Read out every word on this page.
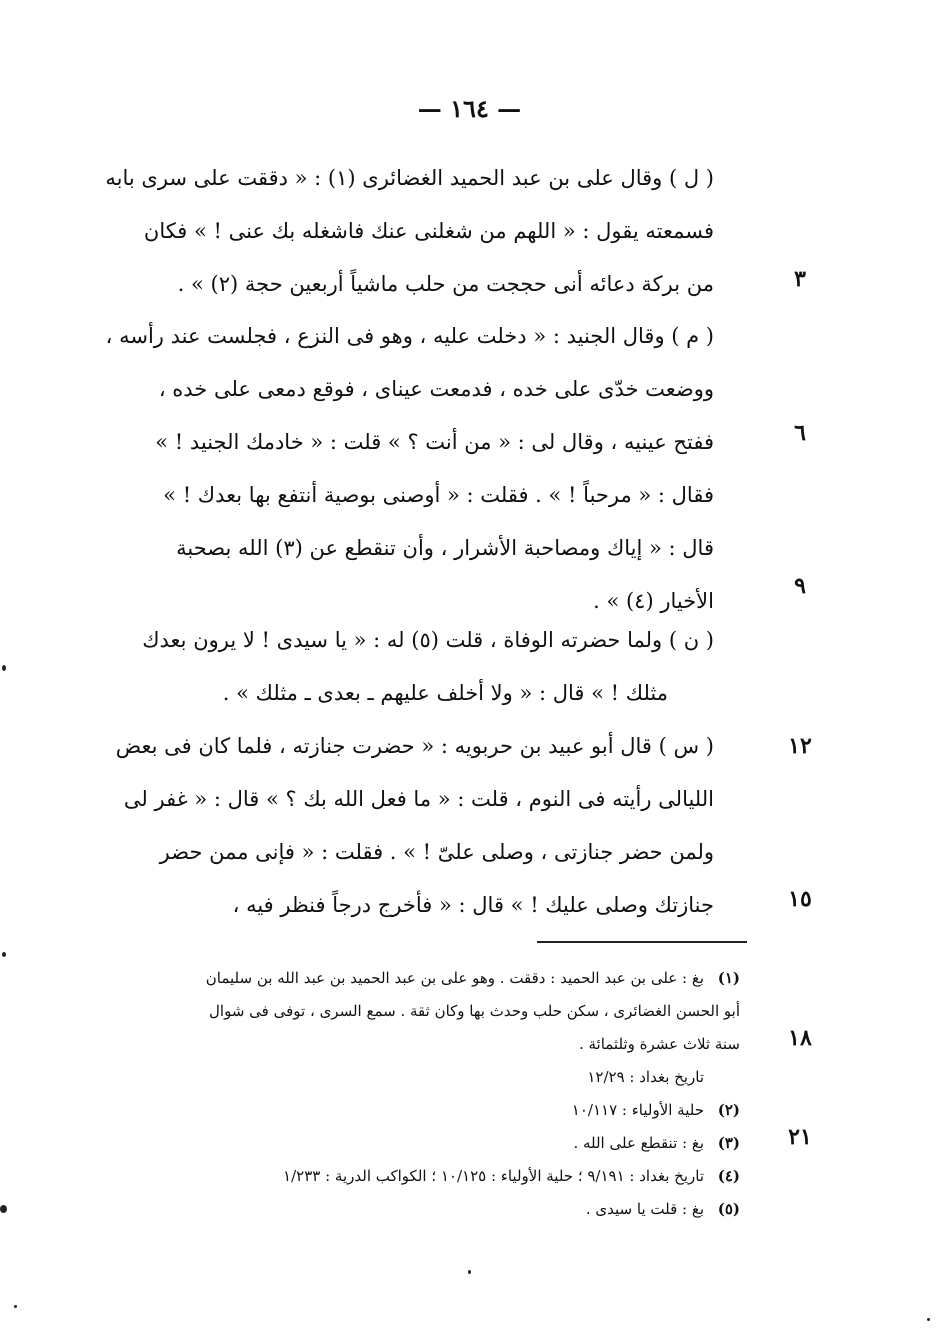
— ١٦٤ —
( ل ) وقال على بن عبد الحميد الغضائرى (١) : « دققت على سرى بابه
فسمعته يقول : « اللهم من شغلنى عنك فاشغله بك عنى ! » فكان
من بركة دعائه أنى حججت من حلب ماشياً أربعين حجة (٢) » .
( م ) وقال الجنيد : « دخلت عليه ، وهو فى النزع ، فجلست عند رأسه ،
ووضعت خدّى على خده ، فدمعت عيناى ، فوقع دمعى على خده ،
ففتح عينيه ، وقال لى : « من أنت ؟ » قلت : « خادمك الجنيد ! »
فقال : « مرحباً ! » . فقلت : « أوصنى بوصية أنتفع بها بعدك ! »
قال : « إياك ومصاحبة الأشرار ، وأن تنقطع عن (٣) الله بصحبة
الأخيار (٤) » .
( ن ) ولما حضرته الوفاة ، قلت (٥) له : « يا سيدى ! لا يرون بعدك
مثلك ! » قال : « ولا أخلف عليهم ـ بعدى ـ مثلك » .
( س ) قال أبو عبيد بن حربويه : « حضرت جنازته ، فلما كان فى بعض
الليالى رأيته فى النوم ، قلت : « ما فعل الله بك ؟ » قال : « غفر لى
ولمن حضر جنازتى ، وصلى علىّ ! » . فقلت : « فإنى ممن حضر
جنازتك وصلى عليك ! » قال : « فأخرج درجاً فنظر فيه ،
٣
٦
٩
١٢
١٥
١٨
٢١
(١)بغ : على بن عبد الحميد : دققت . وهو على بن عبد الحميد بن عبد الله بن سليمان
أبو الحسن الغضائرى ، سكن حلب وحدث بها وكان ثقة . سمع السرى ، توفى فى شوال
سنة ثلاث عشرة وثلثمائة .
تاريخ بغداد : ١٢/٢٩
(٢)حلية الأولياء : ١٠/١١٧
(٣)بغ : تنقطع على الله .
(٤)تاريخ بغداد : ٩/١٩١ ؛ حلية الأولياء : ١٠/١٢٥ ؛ الكواكب الدرية : ١/٢٣٣
(٥)بغ : قلت يا سيدى .
